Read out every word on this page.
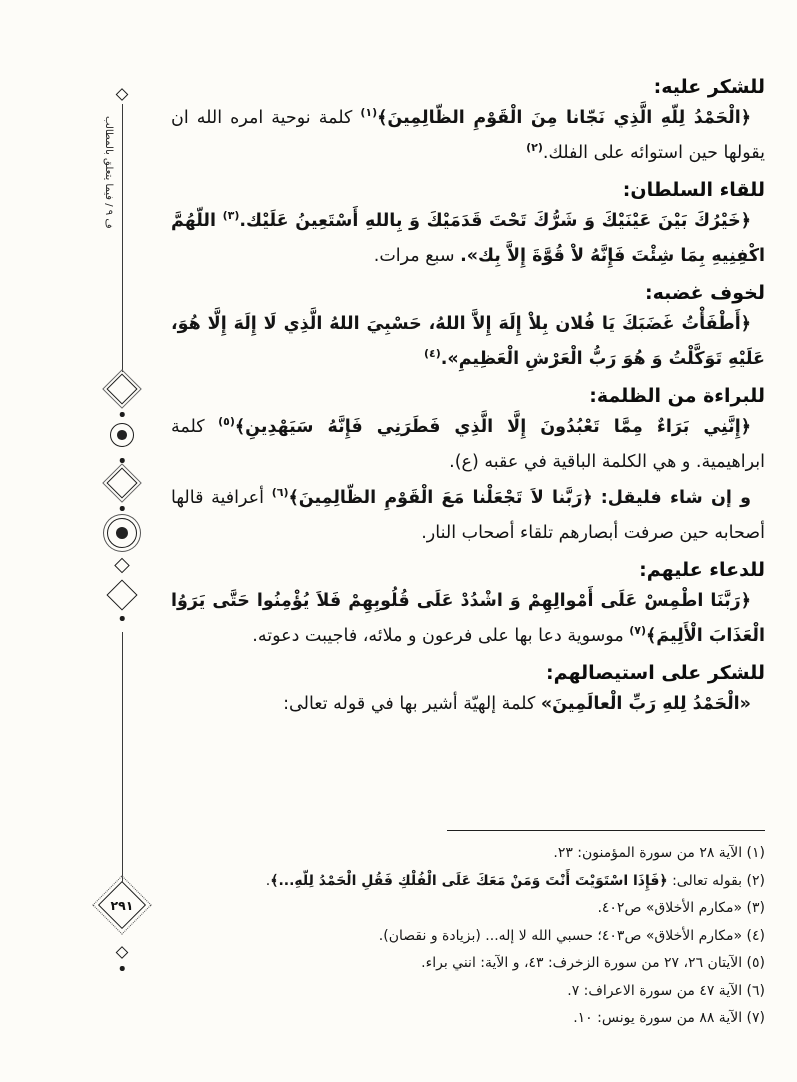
ف ٩ / فيما يتعلق بالمطالب
٢٩١
للشكر عليه:

﴿الْحَمْدُ لِلّهِ الَّذِي نَجّانا مِنَ الْقَوْمِ الظّالِمِينَ﴾$^{(١)}$ كلمة نوحية امره الله ان يقولها حين استوائه على الفلك.$^{(٢)}$

للقاء السلطان:

﴿خَيْرُكَ بَيْنَ عَيْنَيْكَ وَ شَرُّكَ تَحْتَ قَدَمَيْكَ وَ بِاللهِ أَسْتَعِينُ عَلَيْك.$^{(٣)}$ اللّهُمَّ اكْفِنِيهِ بِمَا شِئْتَ فَإِنَّهُ لاْ قُوَّةَ إِلاَّ بِك». سبع مرات.

لخوف غضبه:

﴿أَطْفَأْتُ غَضَبَكَ يَا فُلان بِلاْ إِلَهَ إِلاَّ اللهُ، حَسْبِيَ اللهُ الَّذِي لَا إِلَهَ إِلَّا هُوَ، عَلَيْهِ تَوَكَّلْتُ وَ هُوَ رَبُّ الْعَرْشِ الْعَظِيمِ».$^{(٤)}$

للبراءة من الظلمة:

﴿إِنَّنِي بَرَاءٌ مِمَّا تَعْبُدُونَ إِلَّا الَّذِي فَطَرَنِي فَإِنَّهُ سَيَهْدِينِ﴾$^{(٥)}$ كلمة ابراهيمية. و هي الكلمة الباقية في عقبه (ع).

و إن شاء فليقل: ﴿رَبَّنا لاَ تَجْعَلْنا مَعَ الْقَوْمِ الظّالِمِينَ﴾$^{(٦)}$ أعرافية قالها أصحابه حين صرفت أبصارهم تلقاء أصحاب النار.

للدعاء عليهم:

﴿رَبَّنَا اطْمِسْ عَلَى أَمْوالِهِمْ وَ اشْدُدْ عَلَى قُلُوبِهِمْ فَلاَ يُؤْمِنُوا حَتَّى يَرَوُا الْعَذَابَ الْأَلِيمَ﴾$^{(٧)}$ موسوية دعا بها على فرعون و ملائه، فاجيبت دعوته.

للشكر على استيصالهم:

«الْحَمْدُ لِلهِ رَبِّ الْعالَمِينَ» كلمة إلهيّة أشير بها في قوله تعالى:

(١) الآية ٢٨ من سورة المؤمنون: ٢٣.
(٢) بقوله تعالى: ﴿فَإِذَا اسْتَوَيْتَ أَنْتَ وَمَنْ مَعَكَ عَلَى الْفُلْكِ فَقُلِ الْحَمْدُ لِلّهِ...﴾.
(٣) «مكارم الأخلاق» ص٤٠٢.
(٤) «مكارم الأخلاق» ص٤٠٣؛ حسبي الله لا إله... (بزيادة و نقصان).
(٥) الآيتان ٢٦، ٢٧ من سورة الزخرف: ٤٣، و الآية: انني براء.
(٦) الآية ٤٧ من سورة الاعراف: ٧.
(٧) الآية ٨٨ من سورة يونس: ١٠.
